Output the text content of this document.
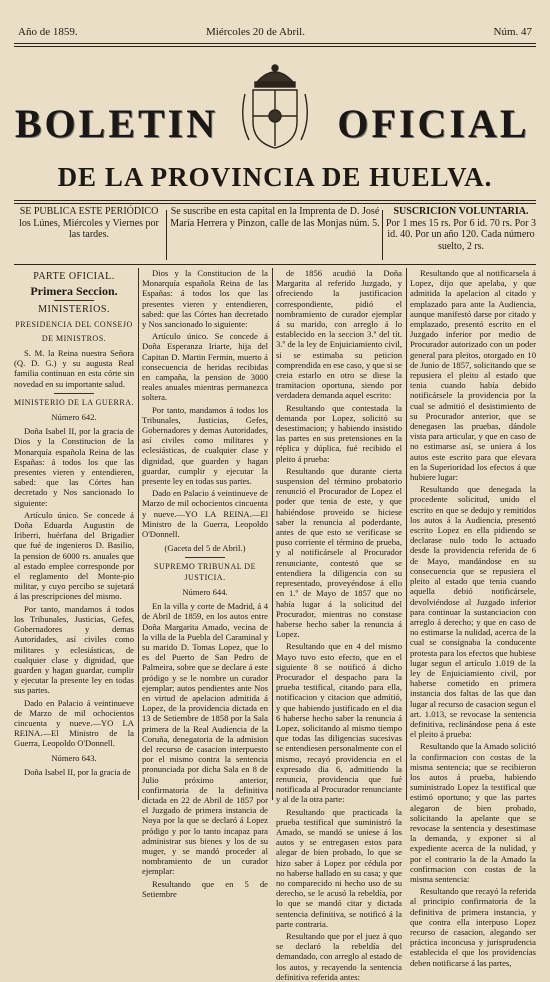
Año de 1859.	Miércoles 20 de Abril.	Núm. 47
BOLETIN	OFICIAL
DE LA PROVINCIA DE HUELVA.
SE PUBLICA ESTE PERIÓDICO los Lúnes, Miércoles y Viernes por las tardes.
Se suscribe en esta capital en la Imprenta de D. José María Herrera y Pinzon, calle de las Monjas núm. 5.
SUSCRICION VOLUNTARIA.
Por 1 mes 15 rs. Por 6 id. 70 rs. Por 3 id. 40. Por un año 120. Cada número suelto, 2 rs.

PARTE OFICIAL.

Primera Seccion.

MINISTERIOS.

PRESIDENCIA DEL CONSEJO

DE MINISTROS.

S. M. la Reina nuestra Señora (Q. D. G.) y su augusta Real familia continuan en esta córte sin novedad en su importante salud.

MINISTERIO DE LA GUERRA.

Número 642.

Doña Isabel II, por la gracia de Dios y la Constitucion de la Monarquía española Reina de las Españas: á todos los que las presentes vieren y entendieren, sabed: que las Córtes han decretado y Nos sancionado lo siguiente:

Artículo único. Se concede á Doña Eduarda Augustin de Iriberri, huérfana del Brigadier que fué de ingenieros D. Basilio, la pension de 6000 rs. anuales que al estado emplee corresponde por el reglamento del Monte-pio militar, y cuyo percibo se sujetará á las prescripciones del mismo.

Por tanto, mandamos á todos los Tribunales, Justicias, Gefes, Gobernadores y demas Autoridades, así civiles como militares y eclesiásticas, de cualquier clase y dignidad, que guarden y hagan guardar, cumplir y ejecutar la presente ley en todas sus partes.

Dado en Palacio á veintinueve de Marzo de mil ochocientos cincuenta y nueve.—YO LA REINA.—El Ministro de la Guerra, Leopoldo O'Donnell.

Número 643.

Doña Isabel II, por la gracia de

Dios y la Constitucion de la Monarquía española Reina de las Españas: á todos los que las presentes vieren y entendieren, sabed: que las Córtes han decretado y Nos sancionado lo siguiente:

Artículo único. Se concede á Doña Esperanza Iriarte, hija del Capitan D. Martin Fermin, muerto á consecuencia de heridas recibidas en campaña, la pension de 3000 reales anuales mientras permanezca soltera.

Por tanto, mandamos á todos los Tribunales, Justicias, Gefes, Gobernadores y demas Autoridades, así civiles como militares y eclesiásticas, de cualquier clase y dignidad, que guarden y hagan guardar, cumplir y ejecutar la presente ley en todas sus partes.

Dado en Palacio á veintinueve de Marzo de mil ochocientos cincuenta y nueve.—YO LA REINA.—El Ministro de la Guerra, Leopoldo O'Donnell.

(Gaceta del 5 de Abril.)

SUPREMO TRIBUNAL DE JUSTICIA.

Número 644.

En la villa y corte de Madrid, á 4 de Abril de 1859, en los autos entre Doña Margarita Amado, vecina de la villa de la Puebla del Caraminal y su marido D. Tomas Lopez, que lo es del Puerto de San Pedro de Palmeira, sobre que se declare á este pródigo y se le nombre un curador ejemplar; autos pendientes ante Nos en virtud de apelacion admitida á Lopez, de la providencia dictada en 13 de Setiembre de 1858 por la Sala primera de la Real Audiencia de la Coruña, denegatoria de la admision del recurso de casacion interpuesto por el mismo contra la sentencia pronunciada por dicha Sala en 8 de Julio próximo anterior, confirmatoria de la definitiva dictada en 22 de Abril de 1857 por el Juzgado de primera instancia de Noya por la que se declaró á Lopez pródigo y por lo tanto incapaz para administrar sus bienes y los de su muger, y se mandó proceder al nombramiento de un curador ejemplar:

Resultando que en 5 de Setiembre

de 1856 acudió la Doña Margarita al referido Juzgado, y ofreciendo la justificacion correspondiente, pidió el nombramiento de curador ejemplar á su marido, con arreglo á lo establecido en la seccion 3.ª del tít. 3.º de la ley de Enjuiciamiento civil, si se estimaba su peticion comprendida en ese caso, y que si se creia estarlo en otro se diese la tramitacion oportuna, siendo por verdadera demanda aquel escrito:

Resultando que contestada la demanda por Lopez, solicitó su desestimacion; y habiendo insistido las partes en sus pretensiones en la réplica y dúplica, fué recibido el pleito á prueba:

Resultando que durante cierta suspension del término probatorio renunció el Procurador de Lopez el poder que tenia de este, y que habiéndose proveido se hiciese saber la renuncia al poderdante, antes de que esto se verificase se puso corriente el término de prueba, y al notificársele al Procurador renunciante, contestó que se entendiera la diligencia con su representado, proveyéndose á ello en 1.º de Mayo de 1857 que no había lugar á la solicitud del Procurador, mientras no constase haberse hecho saber la renuncia á Lopez.

Resultando que en 4 del mismo Mayo tuvo esto efecto, que en el siguiente 8 se notificó á dicho Procurador el despacho para la prueba testifical, citando para ella, notificacion y citacion que admitió, y que habiendo justificado en el dia 6 haberse hecho saber la renuncia á Lopez, solicitando al mismo tiempo que todas las diligencias sucesivas se entendiesen personalmente con el mismo, recayó providencia en el expresado dia 6, admitiendo la renuncia, providencia que fué notificada al Procurador renunciante y al de la otra parte:

Resultando que practicada la prueba testifical que suministró la Amado, se mandó se uniese á los autos y se entregasen estos para alegar de bien probado, lo que se hizo saber á Lopez por cédula por no haberse hallado en su casa; y que no comparecido ni hecho uso de su derecho, se le acusó la rebeldía, por lo que se mandó citar y dictada sentencia definitiva, se notificó á la parte contraria.

Resultando que por el juez á quo se declaró la rebeldía del demandado, con arreglo al estado de los autos, y recayendo la sentencia definitiva referida antes:

Resultando que al notificarsela á Lopez, dijo que apelaba, y que admitida la apelacion al citado y emplazado para ante la Audiencia, aunque manifestó darse por citado y emplazado, presentó escrito en el Juzgado inferior por medio de Procurador autorizado con un poder general para pleitos, otorgado en 10 de Junio de 1857, solicitando que se repusiera el pleito al estado que tenia cuando había debido notificársele la providencia por la cual se admitió el desistimiento de su Procurador anterior, que se denegasen las pruebas, dándole vista para articular, y que en caso de no estimarse así, se uniera á los autos este escrito para que elevara en la Superioridad los efectos á que hubiere lugar:

Resultando que denegada la procedente solicitud, unido el escrito en que se dedujo y remitidos los autos á la Audiencia, presentó escrito Lopez en ella pidiendo se declarase nulo todo lo actuado desde la providencia referida de 6 de Mayo, mandándose en su consecuencia que se repusiera el pleito al estado que tenia cuando aquella debió notificársele, devolviéndose al Juzgado inferior para continuar la sustanciacion con arreglo á derecho; y que en caso de no estimarse la nulidad, acerca de la cual se consignaba la conducente protesta para los efectos que hubiese lugar segun el artículo 1.019 de la ley de Enjuiciamiento civil, por haberse cometido en primera instancia dos faltas de las que dan lugar al recurso de casacion segun el art. 1.013, se revocase la sentencia definitiva, reclinándose pena á este el pleito á prueba:

Resultando que la Amado solicitó la confirmacion con costas de la misma sentencia; que se recibieron los autos á prueba, habiendo suministrado Lopez la testifical que estimó oportuno; y que las partes alegaron de bien probado, solicitando la apelante que se revocase la sentencia y desestimase la demanda, y exponer si al expediente acerca de la nulidad, y por el contrario la de la Amado la confirmacion con costas de la misma sentencia:

Resultando que recayó la referida al principio confirmatoria de la definitiva de primera instancia, y que contra ella interpuso Lopez recurso de casacion, alegando ser práctica inconcusa y jurisprudencia establecida el que los providencias deben notificarse á las partes,
